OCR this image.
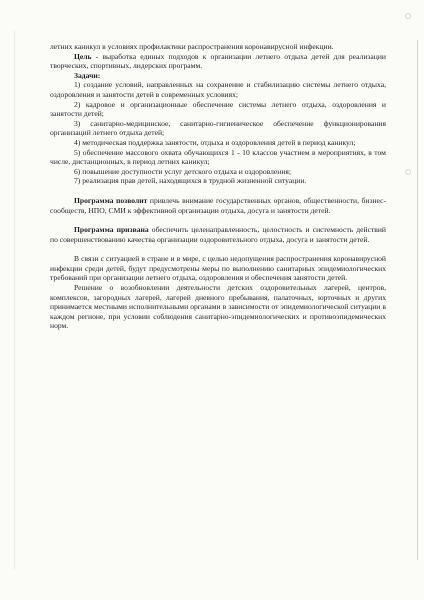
○
○

летних каникул в условиях профилактики распространения коронавирусной инфекции.

Цель - выработка единых подходов к организации летнего отдыха детей для реализации творческих, спортивных, лидерских программ.

Задачи:

1) создание условий, направленных на сохранение и стабилизацию системы летнего отдыха, оздоровления и занятости детей в современных условиях;

2) кадровое и организационные обеспечение системы летнего отдыха, оздоровления и занятости детей;

3) санитарно-медицинское, санитарно-гигиеническое обеспечение функционирования организаций летнего отдыха детей;

4) методическая поддержка занятости, отдыха и оздоровления детей в период каникул;

5) обеспечение массового охвата обучающихся 1 - 10 классов участием в мероприятиях, в том числе, дистанционных, в период летних каникул;

6) повышение доступности услуг детского отдыха и оздоровления;

7) реализация прав детей, находящихся в трудной жизненной ситуации.

Программа позволит привлечь внимание государственных органов, общественности, бизнес-сообществ, НПО, СМИ к эффективной организации отдыха, досуга и занятости детей.

Программа призвана обеспечить целенаправленность, целостность и системность действий по совершенствованию качества организации оздоровительного отдыха, досуга и занятости детей.

В связи с ситуацией в стране и в мире, с целью недопущения распространения коронавирусной инфекции среди детей, будут предусмотрены меры по выполнению санитарных эпидемиологических требований при организации летнего отдыха, оздоровления и обеспечения занятости детей.

Решение о возобновлении деятельности детских оздоровительных лагерей, центров, комплексов, загородных лагерей, лагерей дневного пребывания, палаточных, юрточных и других принимается местными исполнительными органами в зависимости от эпидемиологической ситуации в каждом регионе, при условии соблюдения санитарно-эпидемиологических и противоэпидемических норм.
